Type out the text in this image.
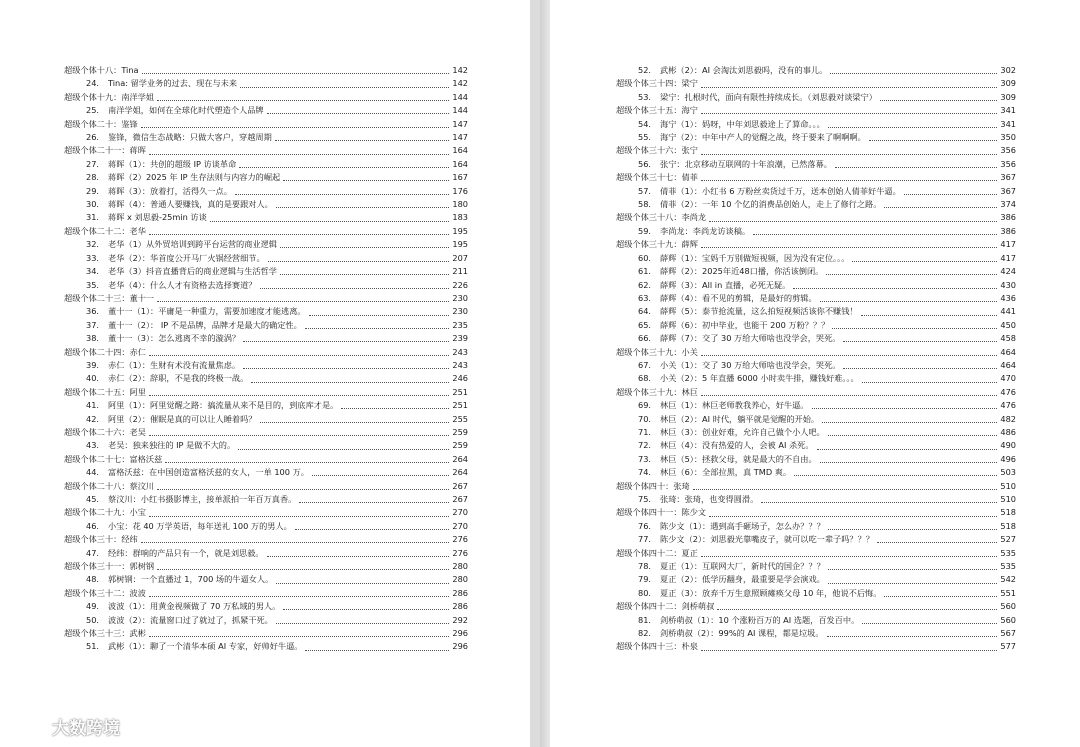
超级个体十八：Tina	142
24.	Tina: 留学业务的过去、现在与未来	142
超级个体十九：南洋学姐	144
25.	南洋学姐，如何在全球化时代塑造个人品牌	144
超级个体二十：鉴锋	147
26.	鉴锋，微信生态战略：只做大客户，穿越周期	147
超级个体二十一：蒋晖	164
27.	蒋晖（1）：共创的超级 IP 访谈革命	164
28.	蒋晖（2）2025 年 IP 生存法则与内容力的崛起	167
29.	蒋晖（3）：放着打，活得久一点。	176
30.	蒋晖（4）：普通人要赚钱，真的是要跟对人。	180
31.	蒋晖 x 刘思毅-25min 访谈	183
超级个体二十二：老华	195
32.	老华（1）从外贸培训到跨平台运营的商业逻辑	195
33.	老华（2）：华首度公开马厂火锅经营细节。	207
34.	老华（3）抖音直播背后的商业逻辑与生活哲学	211
35.	老华（4）：什么人才有资格去选择赛道？	226
超级个体二十三：董十一	230
36.	董十一（1）：平庸是一种重力，需要加速度才能逃离。	230
37.	董十一（2）： IP 不是品牌，品牌才是最大的确定性。	235
38.	董十一（3）：怎么逃离不幸的漩涡？	239
超级个体二十四：赤仁	243
39.	赤仁（1）：生财有术没有流量焦虑。	243
40.	赤仁（2）：辞职，不是我的终极一战。	246
超级个体二十五：阿里	251
41.	阿里（1）：阿里觉醒之路：搞流量从来不是目的，到底库才是。	251
42.	阿里（2）：催眠是真的可以让人睡着吗？	255
超级个体二十六：老吴	259
43.	老吴：独来独往的 IP 是做不大的。	259
超级个体二十七：富格沃兹	264
44.	富格沃兹：在中国创造富格沃兹的女人，一单 100 万。	264
超级个体二十八：蔡汶川	267
45.	蔡汶川：小红书摄影博主，接单派拍一年百万真香。	267
超级个体二十九：小宝	270
46.	小宝：花 40 万学英语，每年送礼 100 万的男人。	270
超级个体三十：经纬	276
47.	经纬：群响的产品只有一个，就是刘思毅。	276
超级个体三十一：郭树钢	280
48.	郭树钢：一个直播过 1，700 场的牛逼女人。	280
超级个体三十二：波波	286
49.	波波（1）：用黄金视频做了 70 万私域的男人。	286
50.	波波（2）：流量窗口过了就过了，抓紧干死。	292
超级个体三十三：武彬	296
51.	武彬（1）：聊了一个清华本硕 AI 专家，好帅好牛逼。	296
52.	武彬（2）：AI 会淘汰刘思毅吗，没有的事儿。	302
超级个体三十四：梁宁	309
53.	梁宁：扎根时代，面向有限性持续成长。（刘思毅对谈梁宁）	309
超级个体三十五：海宁	341
54.	海宁（1）：妈呀，中年刘思毅途上了算命。。。	341
55.	海宁（2）：中年中产人的觉醒之战，终于要来了啊啊啊。	350
超级个体三十六：张宁	356
56.	张宁：北京移动互联网的十年浪潮，已然落幕。	356
超级个体三十七：倩菲	367
57.	倩菲（1）：小红书 6 万粉丝卖货过千万，送本创始人倩菲好牛逼。	367
58.	倩菲（2）：一年 10 个亿的消费品创始人，走上了修行之路。	374
超级个体三十八：李尚龙	386
59.	李尚龙：李尚龙访谈稿。	386
超级个体三十九：薛辉	417
60.	薛辉（1）：宝妈千万别做短视频，因为没有定位。。。	417
61.	薛辉（2）：2025年近48口播，你活该倒闭。	424
62.	薛辉（3）：All in 直播，必死无疑。	430
63.	薛辉（4）：看不见的剪辑，是最好的剪辑。	436
64.	薛辉（5）：泰节抢流量，这么拍短视频活该你不赚钱！	441
65.	薛辉（6）：初中毕业，也能干 200 万粉？？？	450
66.	薛辉（7）：交了 30 万给大师啥也没学会，哭死。	458
超级个体三十九：小关	464
67.	小关（1）：交了 30 万给大师啥也没学会，哭死。	464
68.	小关（2）：5 年直播 6000 小时卖牛排，赚钱好难。。。	470
超级个体三十九：林巨	476
69.	林巨（1）：林巨老师教我养心，好牛逼。	476
70.	林巨（2）：AI 时代，躺平就是觉醒的开始。	482
71.	林巨（3）：创业好难，允许自己做个小人吧。	486
72.	林巨（4）：没有热爱的人，会被 AI 杀死。	490
73.	林巨（5）：拯救父母，就是最大的不自由。	496
74.	林巨（6）：全部拉黑，真 TMD 爽。	503
超级个体四十：张琦	510
75.	张琦：张琦，也变得圆滑。	510
超级个体四十一：陈少文	518
76.	陈少文（1）：遇到高手砸场子，怎么办？？？	518
77.	陈少文（2）：刘思毅光靠嘴皮子，就可以吃一辈子吗？？？	527
超级个体四十二：夏正	535
78.	夏正（1）：互联网大厂，新时代的国企？？？	535
79.	夏正（2）：低学历翻身，最重要是学会演戏。	542
80.	夏正（3）：放弃千万生意照顾瘫痪父母 10 年，他说不后悔。	551
超级个体四十二：剑桥萌叔	560
81.	剑桥萌叔（1）：10 个涨粉百万的 AI 选题，百发百中。	560
82.	剑桥萌叔（2）：99%的 AI 课程，都是垃圾。	567
超级个体四十三：朴泉	577
大数跨境
